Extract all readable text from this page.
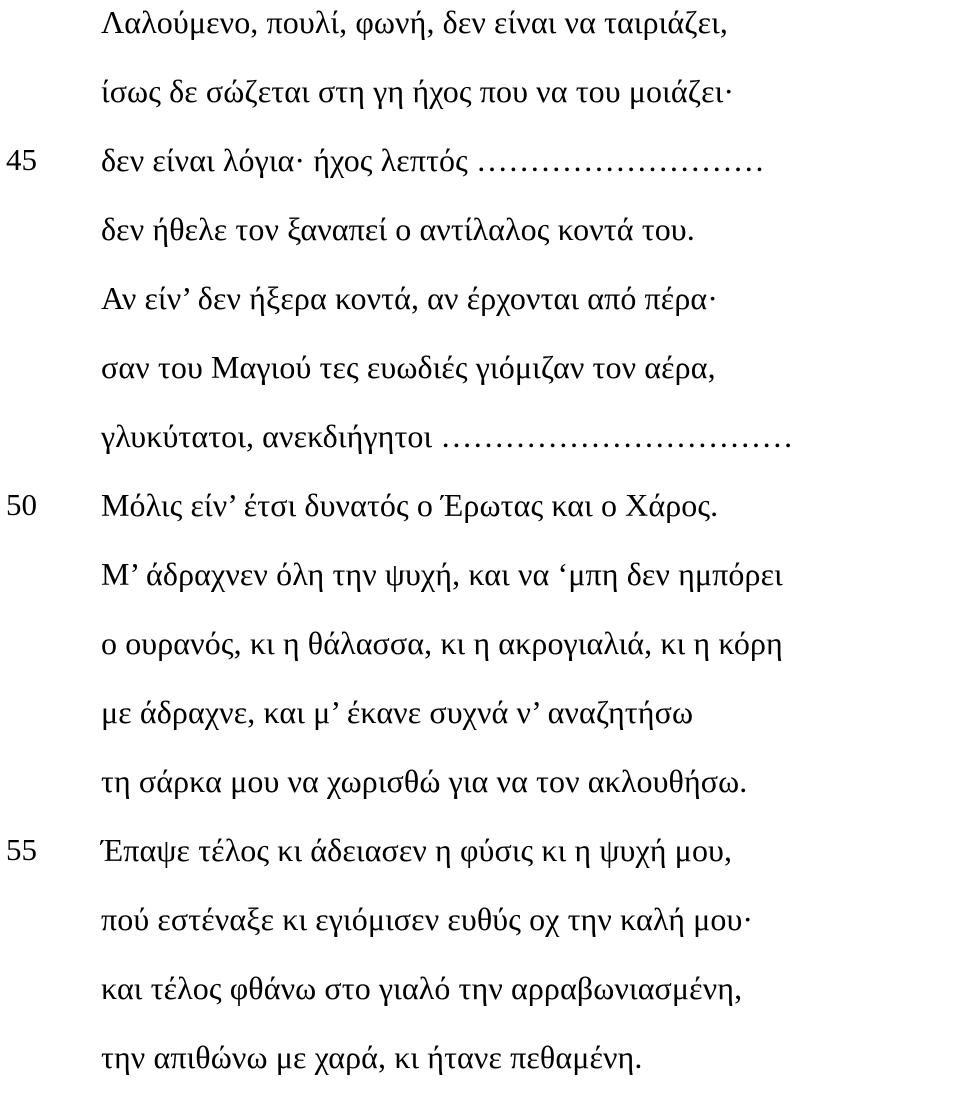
Λαλούμενο, πουλί, φωνή, δεν είναι να ταιριάζει,
ίσως δε σώζεται στη γη ήχος που να του μοιάζει·
45	δεν είναι λόγια· ήχος λεπτός ………………………
δεν ήθελε τον ξαναπεί ο αντίλαλος κοντά του.
Αν είν’ δεν ήξερα κοντά, αν έρχονται από πέρα·
σαν του Μαγιού τες ευωδιές γιόμιζαν τον αέρα,
γλυκύτατοι, ανεκδιήγητοι ……………………………
50	Μόλις είν’ έτσι δυνατός ο Έρωτας και ο Χάρος.
Μ’ άδραχνεν όλη την ψυχή, και να ‘μπη δεν ημπόρει
ο ουρανός, κι η θάλασσα, κι η ακρογιαλιά, κι η κόρη
με άδραχνε, και μ’ έκανε συχνά ν’ αναζητήσω
τη σάρκα μου να χωρισθώ για να τον ακλουθήσω.
55	Έπαψε τέλος κι άδειασεν η φύσις κι η ψυχή μου,
πού εστέναξε κι εγιόμισεν ευθύς οχ την καλή μου·
και τέλος φθάνω στο γιαλό την αρραβωνιασμένη,
την απιθώνω με χαρά, κι ήτανε πεθαμένη.
